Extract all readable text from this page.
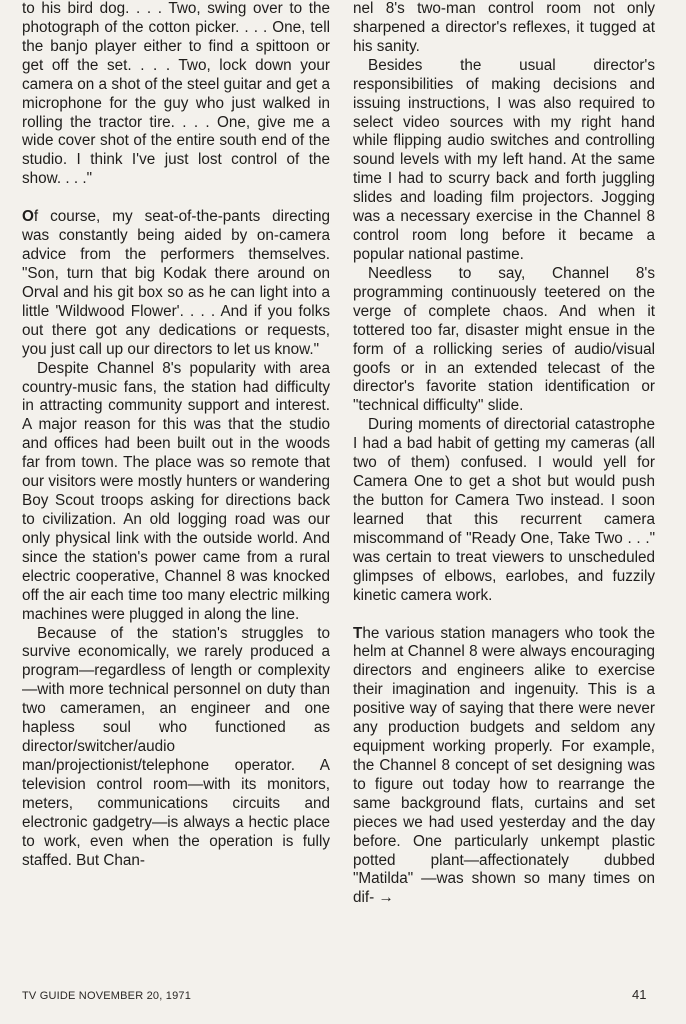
to his bird dog. . . . Two, swing over to the photograph of the cotton picker. . . . One, tell the banjo player either to find a spittoon or get off the set. . . . Two, lock down your camera on a shot of the steel guitar and get a microphone for the guy who just walked in rolling the tractor tire. . . . One, give me a wide cover shot of the entire south end of the studio. I think I've just lost control of the show. . . ."

Of course, my seat-of-the-pants directing was constantly being aided by on-camera advice from the performers themselves. "Son, turn that big Kodak there around on Orval and his git box so as he can light into a little 'Wildwood Flower'. . . . And if you folks out there got any dedications or requests, you just call up our directors to let us know."

Despite Channel 8's popularity with area country-music fans, the station had difficulty in attracting community support and interest. A major reason for this was that the studio and offices had been built out in the woods far from town. The place was so remote that our visitors were mostly hunters or wandering Boy Scout troops asking for directions back to civilization. An old logging road was our only physical link with the outside world. And since the station's power came from a rural electric cooperative, Channel 8 was knocked off the air each time too many electric milking machines were plugged in along the line.

Because of the station's struggles to survive economically, we rarely produced a program—regardless of length or complexity—with more technical personnel on duty than two cameramen, an engineer and one hapless soul who functioned as director/switcher/audio man/projectionist/telephone operator. A television control room—with its monitors, meters, communications circuits and electronic gadgetry—is always a hectic place to work, even when the operation is fully staffed. But Chan-

nel 8's two-man control room not only sharpened a director's reflexes, it tugged at his sanity.

Besides the usual director's responsibilities of making decisions and issuing instructions, I was also required to select video sources with my right hand while flipping audio switches and controlling sound levels with my left hand. At the same time I had to scurry back and forth juggling slides and loading film projectors. Jogging was a necessary exercise in the Channel 8 control room long before it became a popular national pastime.

Needless to say, Channel 8's programming continuously teetered on the verge of complete chaos. And when it tottered too far, disaster might ensue in the form of a rollicking series of audio/visual goofs or in an extended telecast of the director's favorite station identification or "technical difficulty" slide.

During moments of directorial catastrophe I had a bad habit of getting my cameras (all two of them) confused. I would yell for Camera One to get a shot but would push the button for Camera Two instead. I soon learned that this recurrent camera miscommand of "Ready One, Take Two . . ." was certain to treat viewers to unscheduled glimpses of elbows, earlobes, and fuzzily kinetic camera work.

The various station managers who took the helm at Channel 8 were always encouraging directors and engineers alike to exercise their imagination and ingenuity. This is a positive way of saying that there were never any production budgets and seldom any equipment working properly. For example, the Channel 8 concept of set designing was to figure out today how to rearrange the same background flats, curtains and set pieces we had used yesterday and the day before. One particularly unkempt plastic potted plant—affectionately dubbed "Matilda" —was shown so many times on dif- →

TV GUIDE NOVEMBER 20, 1971	41
